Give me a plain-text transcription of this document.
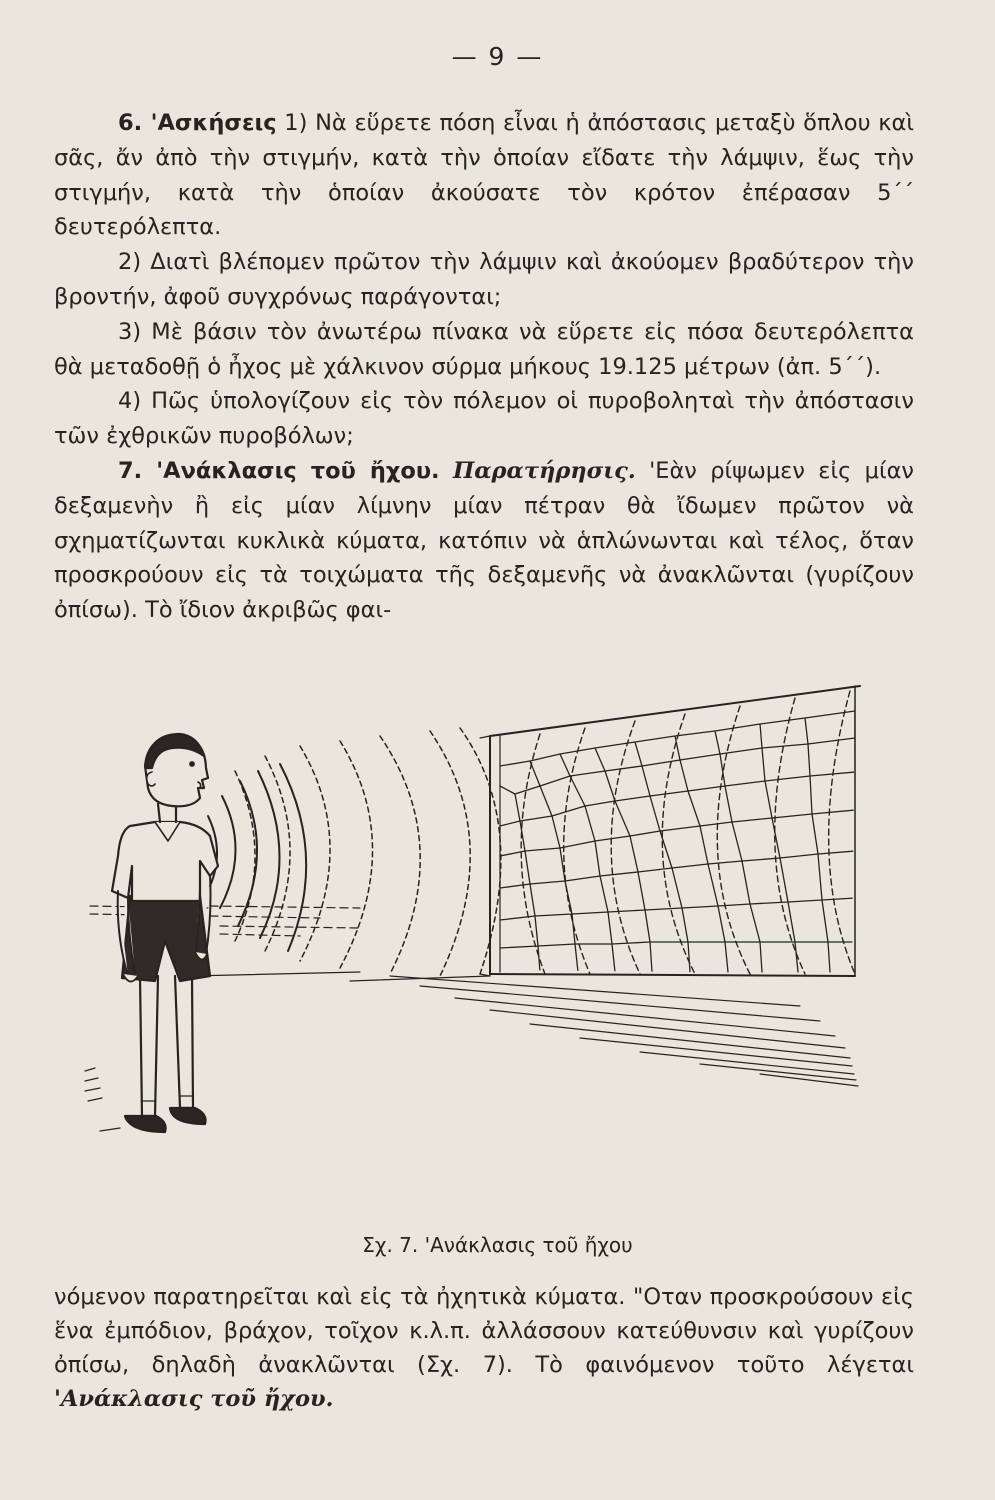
— 9 —

6. 'Ασκήσεις 1) Νὰ εὕρετε πόση εἶναι ἡ ἀπόστασις μεταξὺ ὅπλου καὶ σᾶς, ἄν ἀπὸ τὴν στιγμήν, κατὰ τὴν ὁποίαν εἴδατε τὴν λάμψιν, ἕως τὴν στιγμήν, κατὰ τὴν ὁποίαν ἀκούσατε τὸν κρότον ἐπέρασαν 5΄΄ δευτερόλεπτα.

2) Διατὶ βλέπομεν πρῶτον τὴν λάμψιν καὶ ἀκούομεν βραδύτερον τὴν βροντήν, ἀφοῦ συγχρόνως παράγονται;

3) Μὲ βάσιν τὸν ἀνωτέρω πίνακα νὰ εὕρετε εἰς πόσα δευτερόλεπτα θὰ μεταδοθῇ ὁ ἦχος μὲ χάλκινον σύρμα μήκους 19.125 μέτρων (ἀπ. 5΄΄).

4) Πῶς ὑπολογίζουν εἰς τὸν πόλεμον οἱ πυροβοληταὶ τὴν ἀπόστασιν τῶν ἐχθρικῶν πυροβόλων;

7. 'Ανάκλασις τοῦ ἤχου. Παρατήρησις. 'Εὰν ρίψωμεν εἰς μίαν δεξαμενὴν ἢ εἰς μίαν λίμνην μίαν πέτραν θὰ ἴδωμεν πρῶτον νὰ σχηματίζωνται κυκλικὰ κύματα, κατόπιν νὰ ἁπλώνωνται καὶ τέλος, ὅταν προσκρούουν εἰς τὰ τοιχώματα τῆς δεξαμενῆς νὰ ἀνακλῶνται (γυρίζουν ὀπίσω). Τὸ ἴδιον ἀκριβῶς φαι-

Σχ. 7. 'Ανάκλασις τοῦ ἤχου

νόμενον παρατηρεῖται καὶ εἰς τὰ ἠχητικὰ κύματα. "Οταν προσκρούσουν εἰς ἕνα ἐμπόδιον, βράχον, τοῖχον κ.λ.π. ἀλλάσσουν κατεύθυνσιν καὶ γυρίζουν ὀπίσω, δηλαδὴ ἀνακλῶνται (Σχ. 7). Τὸ φαινόμενον τοῦτο λέγεται 'Ανάκλασις τοῦ ἤχου.
